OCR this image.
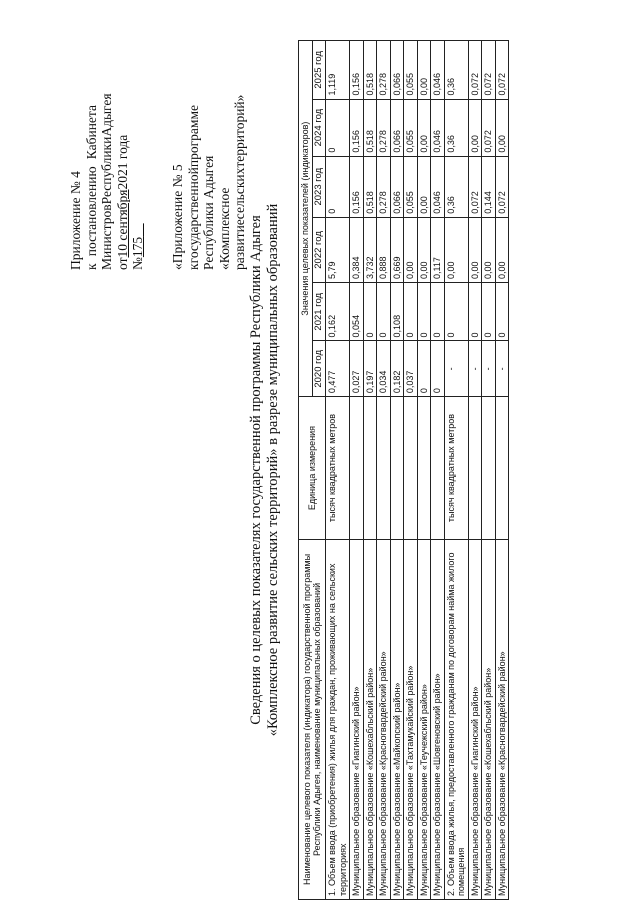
Приложение № 4 к
постановлению
Кабинета
Министров
Республики
Адыгея
от10 сентября2021 года №175 «Приложение № 5 к
государственной
программе
Республики Адыгея «Комплексное развитие
сельских
территорий»
Сведения о целевых показателях государственной программы Республики Адыгея «Комплексное развитие сельских территорий» в разрезе муниципальных образований Наименование целевого показателя (индикатора) государственной программы Республики Адыгея, наименование муниципальных образований	Единица измерения	Значения целевых показателей (индикаторов)					
		2020 год	2021 год	2022 год	2023 год	2024 год	2025 год
1. Объем ввода (приобретения) жилья для граждан, проживающих на сельских территориях	тысяч квадратных метров	0,477	0,162	5,79	0	0	1,119
Муниципальное образование «Гиагинский район»		0,027	0,054	0,384	0,156	0,156	0,156
Муниципальное образование «Кошехабльский район»		0,197	0	3,732	0,518	0,518	0,518
Муниципальное образование «Красногвардейский район»		0,034	0	0,888	0,278	0,278	0,278
Муниципальное образование «Майкопский район»		0,182	0,108	0,669	0,066	0,066	0,066
Муниципальное образование «Тахтамукайский район»		0,037	0	0,00	0,055	0,055	0,055
Муниципальное образование «Теучежский район»		0	0	0,00	0,00	0,00	0,00
Муниципальное образование «Шовгеновский район»		0	0	0,117	0,046	0,046	0,046
2. Объем ввода жилья, предоставленного гражданам по договорам найма жилого помещения	тысяч квадратных метров	-	0	0,00	0,36	0,36	0,36
Муниципальное образование «Гиагинский район»		-	0	0,00	0,072	0,00	0,072
Муниципальное образование «Кошехабльский район»		-	0	0,00	0,144	0,072	0,072
Муниципальное образование «Красногвардейский район»		-	0	0,00	0,072	0,00	0,072
